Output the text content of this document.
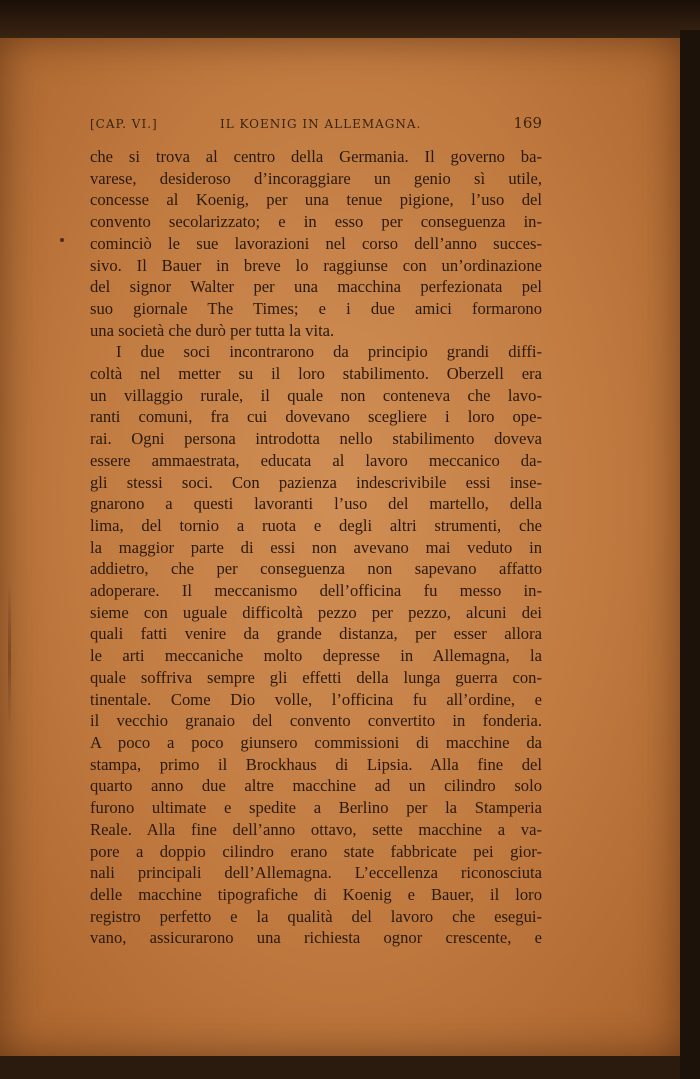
[CAP. VI.]	IL KOENIG IN ALLEMAGNA.	169
che si trova al centro della Germania. Il governo ba-
varese, desideroso d’incoraggiare un genio sì utile,
concesse al Koenig, per una tenue pigione, l’uso del
convento secolarizzato; e in esso per conseguenza in-
cominciò le sue lavorazioni nel corso dell’anno succes-
sivo. Il Bauer in breve lo raggiunse con un’ordinazione
del signor Walter per una macchina perfezionata pel
suo giornale The Times; e i due amici formarono
una società che durò per tutta la vita.
I due soci incontrarono da principio grandi diffi-
coltà nel metter su il loro stabilimento. Oberzell era
un villaggio rurale, il quale non conteneva che lavo-
ranti comuni, fra cui dovevano scegliere i loro ope-
rai. Ogni persona introdotta nello stabilimento doveva
essere ammaestrata, educata al lavoro meccanico da-
gli stessi soci. Con pazienza indescrivibile essi inse-
gnarono a questi lavoranti l’uso del martello, della
lima, del tornio a ruota e degli altri strumenti, che
la maggior parte di essi non avevano mai veduto in
addietro, che per conseguenza non sapevano affatto
adoperare. Il meccanismo dell’officina fu messo in-
sieme con uguale difficoltà pezzo per pezzo, alcuni dei
quali fatti venire da grande distanza, per esser allora
le arti meccaniche molto depresse in Allemagna, la
quale soffriva sempre gli effetti della lunga guerra con-
tinentale. Come Dio volle, l’officina fu all’ordine, e
il vecchio granaio del convento convertito in fonderia.
A poco a poco giunsero commissioni di macchine da
stampa, primo il Brockhaus di Lipsia. Alla fine del
quarto anno due altre macchine ad un cilindro solo
furono ultimate e spedite a Berlino per la Stamperia
Reale. Alla fine dell’anno ottavo, sette macchine a va-
pore a doppio cilindro erano state fabbricate pei gior-
nali principali dell’Allemagna. L’eccellenza riconosciuta
delle macchine tipografiche di Koenig e Bauer, il loro
registro perfetto e la qualità del lavoro che esegui-
vano, assicurarono una richiesta ognor crescente, e
